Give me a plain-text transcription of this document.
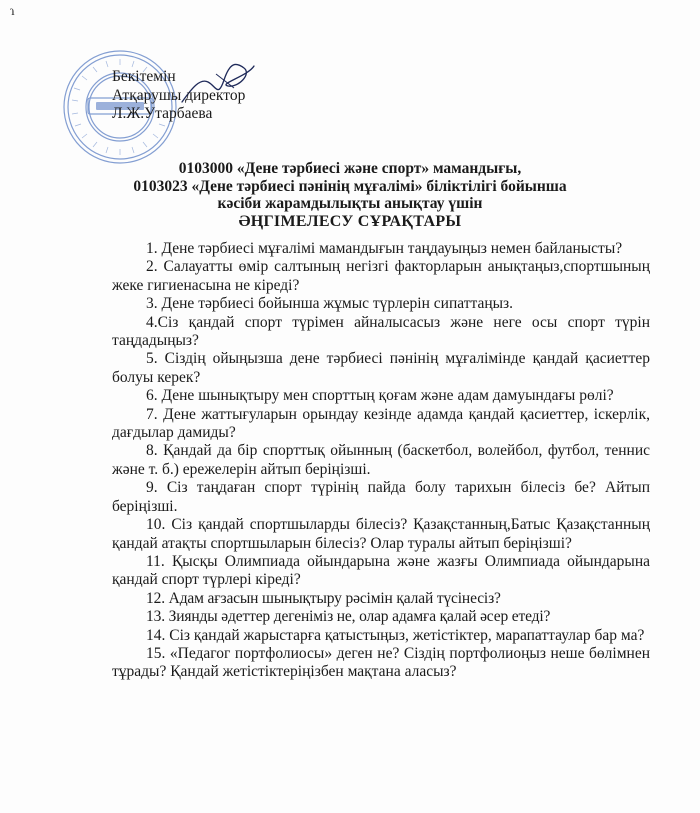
ɿ
Бекітемін
Атқарушы директор
Л.Ж.Утарбаева
0103000 «Дене тәрбиесі және спорт» мамандығы,
0103023 «Дене тәрбиесі пәнінің мұғалімі» біліктілігі бойынша
кәсіби жарамдылықты анықтау үшін
ӘҢГІМЕЛЕСУ СҰРАҚТАРЫ

1. Дене тәрбиесі мұғалімі мамандығын таңдауыңыз немен байланысты?

2. Салауатты өмір салтының негізгі факторларын анықтаңыз,спортшының жеке гигиенасына не кіреді?

3. Дене тәрбиесі бойынша жұмыс түрлерін сипаттаңыз.

4.Сіз қандай спорт түрімен айналысасыз және неге осы спорт түрін таңдадыңыз?

5. Сіздің ойыңызша дене тәрбиесі пәнінің мұғалімінде қандай қасиеттер болуы керек?

6. Дене шынықтыру мен спорттың қоғам және адам дамуындағы рөлі?

7. Дене жаттығуларын орындау кезінде адамда қандай қасиеттер, іскерлік, дағдылар дамиды?

8. Қандай да бір спорттық ойынның (баскетбол, волейбол, футбол, теннис және т. б.) ережелерін айтып беріңізші.

9. Сіз таңдаған спорт түрінің пайда болу тарихын білесіз бе? Айтып беріңізші.

10. Сіз қандай спортшыларды білесіз? Қазақстанның,Батыс Қазақстанның қандай атақты спортшыларын білесіз? Олар туралы айтып беріңізші?

11. Қысқы Олимпиада ойындарына және жазғы Олимпиада ойындарына қандай спорт түрлері кіреді?

12. Адам ағзасын шынықтыру рәсімін қалай түсінесіз?

13. Зиянды әдеттер дегеніміз не, олар адамға қалай әсер етеді?

14. Сіз қандай жарыстарға қатыстыңыз, жетістіктер, марапаттаулар бар ма?

15. «Педагог портфолиосы» деген не? Сіздің портфолиоңыз неше бөлімнен тұрады? Қандай жетістіктеріңізбен мақтана аласыз?
